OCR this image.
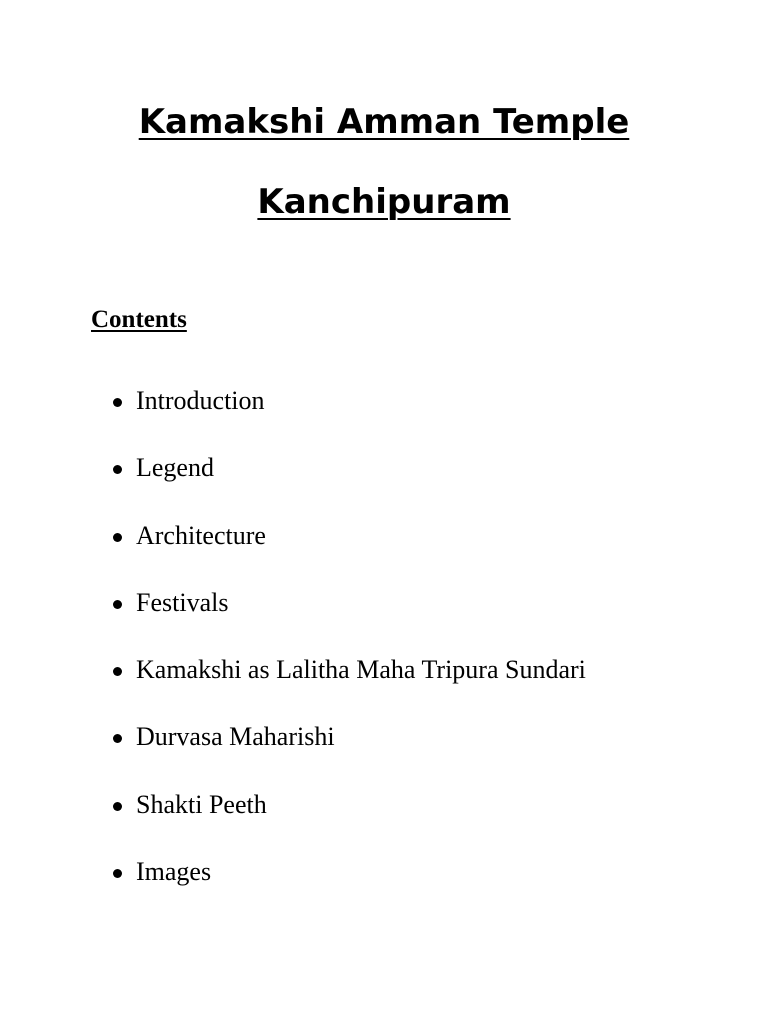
Kamakshi Amman Temple
Kanchipuram
Contents
Introduction
Legend
Architecture
Festivals
Kamakshi as Lalitha Maha Tripura Sundari
Durvasa Maharishi
Shakti Peeth
Images
